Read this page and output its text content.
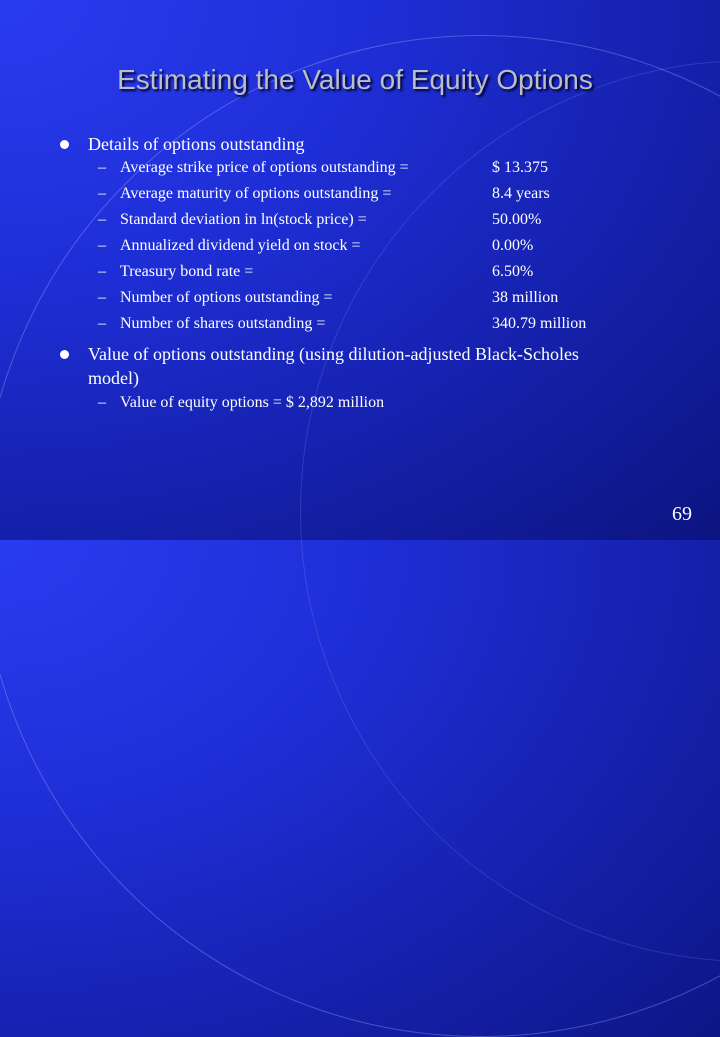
Estimating the Value of Equity Options
Details of options outstanding
– Average strike price of options outstanding =	$ 13.375
– Average maturity of options outstanding =	8.4 years
– Standard deviation in ln(stock price) =	50.00%
– Annualized dividend yield on stock =	0.00%
– Treasury bond rate =	6.50%
– Number of options outstanding =	38 million
– Number of shares outstanding =	340.79 million
Value of options outstanding (using dilution-adjusted Black-Scholes
model)
– Value of equity options = $ 2,892 million
69
